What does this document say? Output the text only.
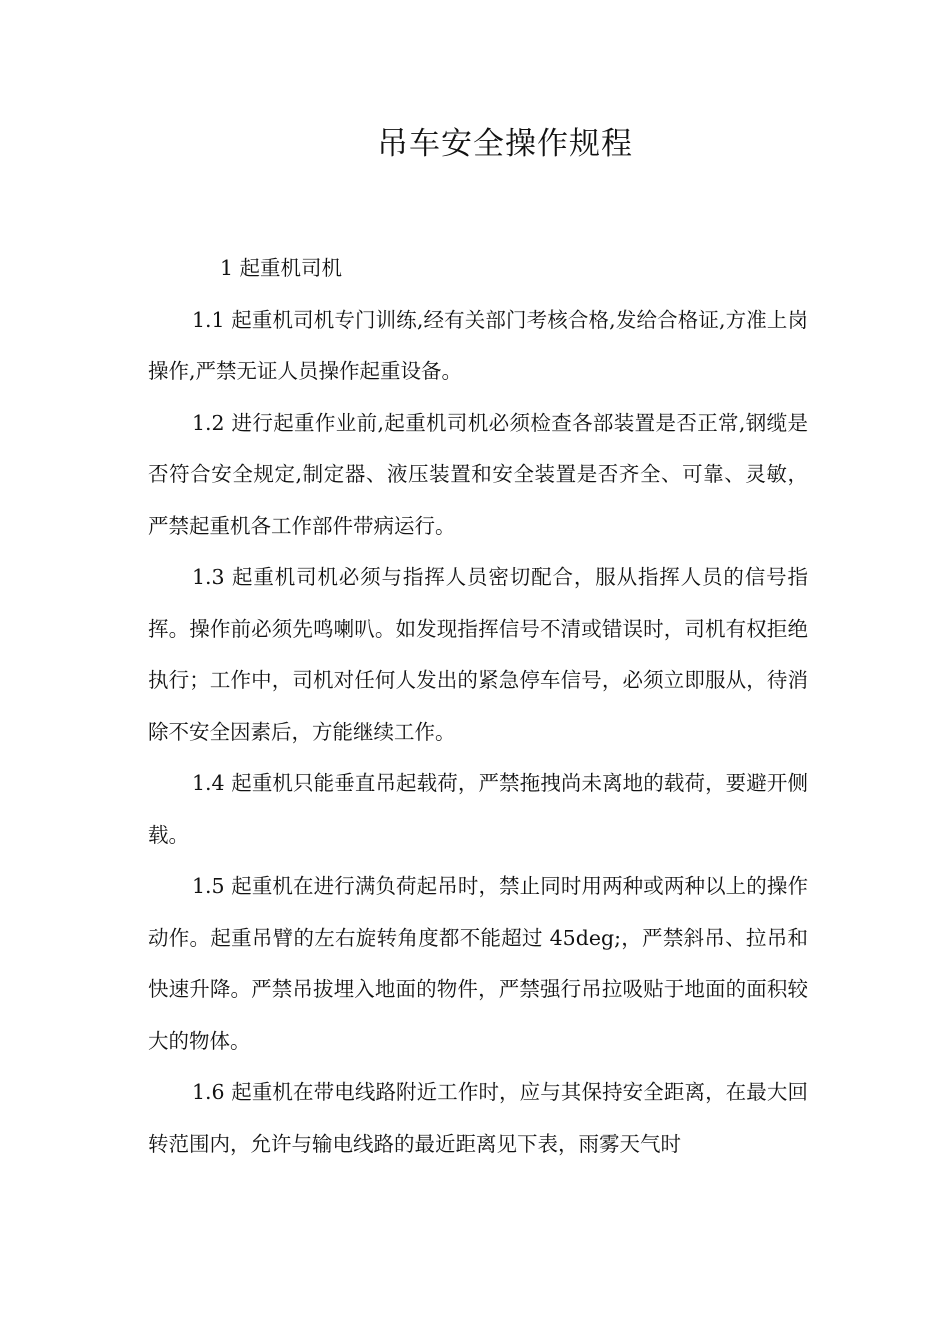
吊车安全操作规程

1 起重机司机

1.1 起重机司机专门训练,经有关部门考核合格,发给合格证,方准上岗操作,严禁无证人员操作起重设备。

1.2 进行起重作业前,起重机司机必须检查各部装置是否正常,钢缆是否符合安全规定,制定器、液压装置和安全装置是否齐全、可靠、灵敏，严禁起重机各工作部件带病运行。

1.3 起重机司机必须与指挥人员密切配合，服从指挥人员的信号指挥。操作前必须先鸣喇叭。如发现指挥信号不清或错误时，司机有权拒绝执行；工作中，司机对任何人发出的紧急停车信号，必须立即服从，待消除不安全因素后，方能继续工作。

1.4 起重机只能垂直吊起载荷，严禁拖拽尚未离地的载荷，要避开侧载。

1.5 起重机在进行满负荷起吊时，禁止同时用两种或两种以上的操作动作。起重吊臂的左右旋转角度都不能超过 45deg;，严禁斜吊、拉吊和快速升降。严禁吊拔埋入地面的物件，严禁强行吊拉吸贴于地面的面积较大的物体。

1.6 起重机在带电线路附近工作时，应与其保持安全距离，在最大回转范围内，允许与输电线路的最近距离见下表，雨雾天气时
